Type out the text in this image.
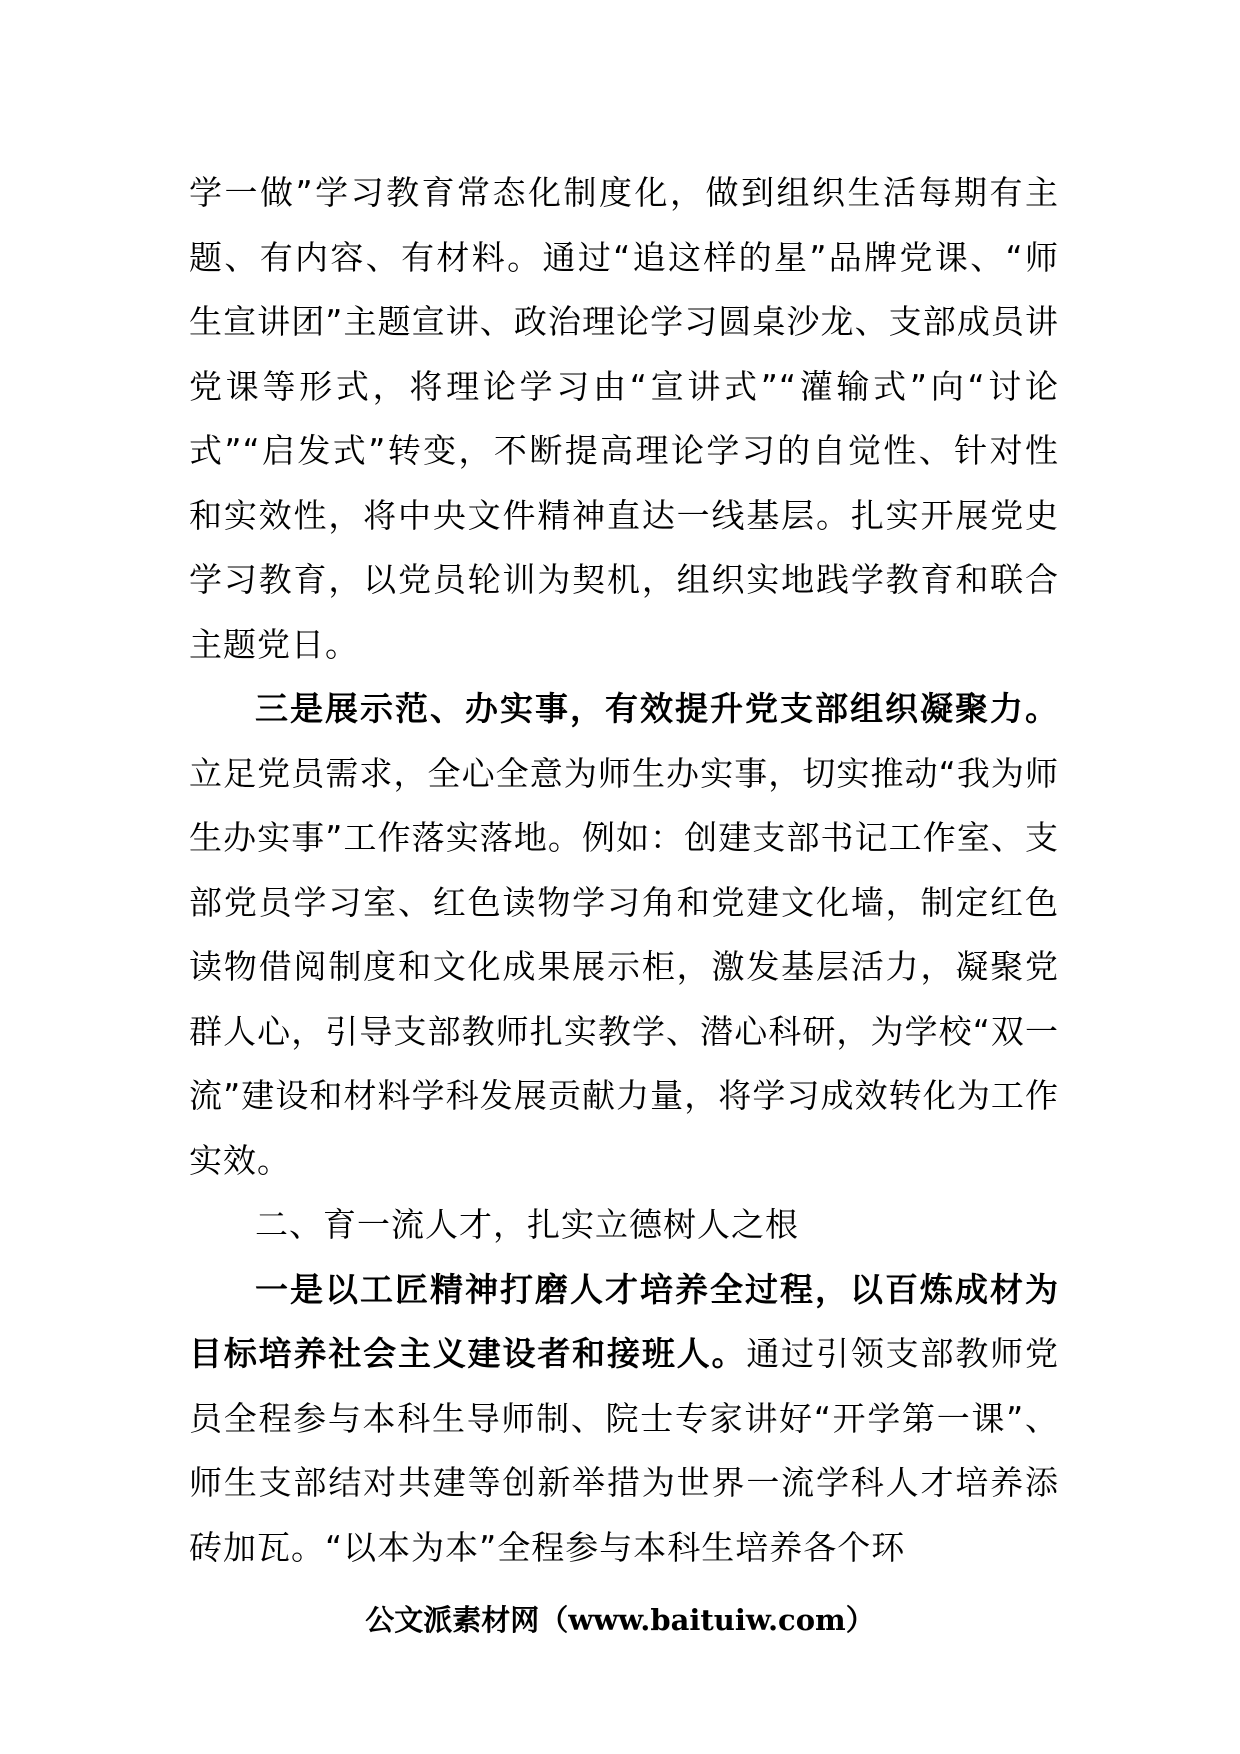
学一做”学习教育常态化制度化，做到组织生活每期有主题、有内容、有材料。通过“追这样的星”品牌党课、“师生宣讲团”主题宣讲、政治理论学习圆桌沙龙、支部成员讲党课等形式，将理论学习由“宣讲式”“灌输式”向“讨论式”“启发式”转变，不断提高理论学习的自觉性、针对性和实效性，将中央文件精神直达一线基层。扎实开展党史学习教育，以党员轮训为契机，组织实地践学教育和联合主题党日。

三是展示范、办实事，有效提升党支部组织凝聚力。立足党员需求，全心全意为师生办实事，切实推动“我为师生办实事”工作落实落地。例如：创建支部书记工作室、支部党员学习室、红色读物学习角和党建文化墙，制定红色读物借阅制度和文化成果展示柜，激发基层活力，凝聚党群人心，引导支部教师扎实教学、潜心科研，为学校“双一流”建设和材料学科发展贡献力量，将学习成效转化为工作实效。

二、育一流人才，扎实立德树人之根

一是以工匠精神打磨人才培养全过程，以百炼成材为目标培养社会主义建设者和接班人。通过引领支部教师党员全程参与本科生导师制、院士专家讲好“开学第一课”、师生支部结对共建等创新举措为世界一流学科人才培养添砖加瓦。“以本为本”全程参与本科生培养各个环

公文派素材网（www.baituiw.com）
